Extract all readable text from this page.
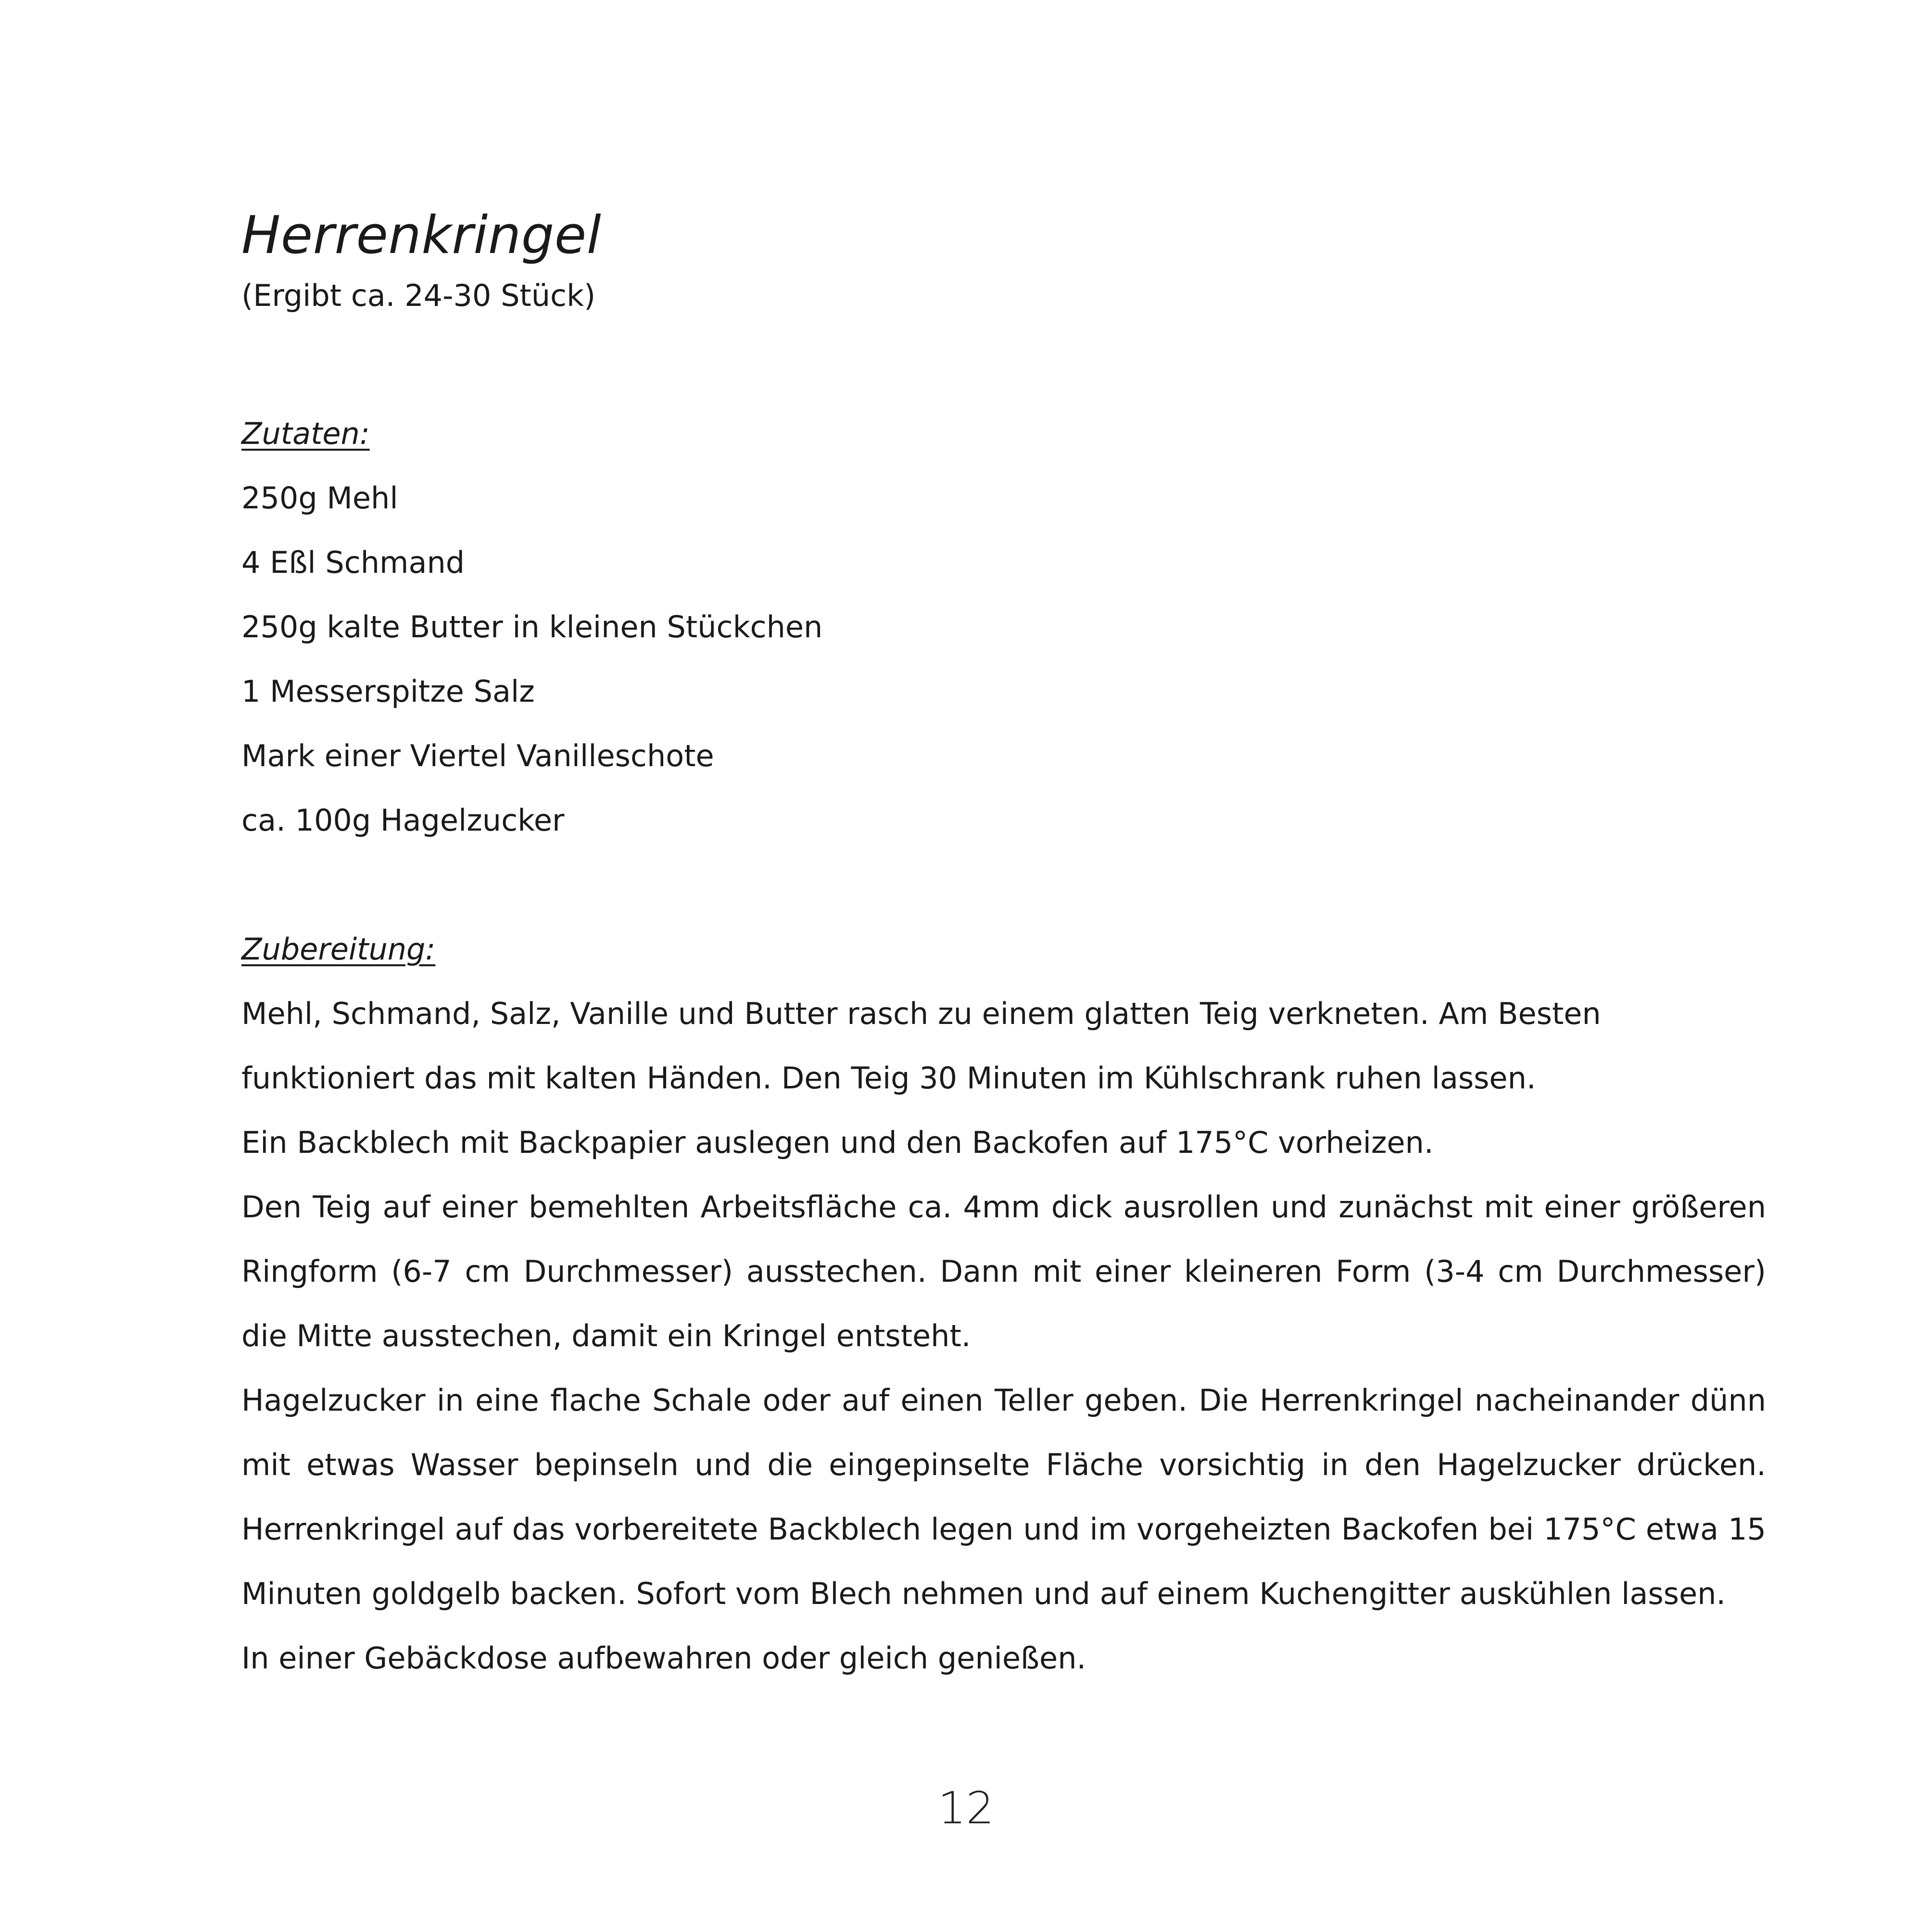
Herrenkringel

(Ergibt ca. 24-30 Stück)

Zutaten:

250g Mehl
4 Eßl Schmand
250g kalte Butter in kleinen Stückchen
1 Messerspitze Salz
Mark einer Viertel Vanilleschote
ca. 100g Hagelzucker

Zubereitung:

Mehl, Schmand, Salz, Vanille und Butter rasch zu einem glatten Teig verkneten. Am Besten funktioniert das mit kalten Händen. Den Teig 30 Minuten im Kühlschrank ruhen lassen.

Ein Backblech mit Backpapier auslegen und den Backofen auf 175°C vorheizen.

Den Teig auf einer bemehlten Arbeitsfläche ca. 4mm dick ausrollen und zunächst mit einer größeren Ringform (6-7 cm Durchmesser) ausstechen. Dann mit einer kleineren Form (3-4 cm Durchmesser) die Mitte ausstechen, damit ein Kringel entsteht.

Hagelzucker in eine flache Schale oder auf einen Teller geben. Die Herrenkringel nacheinander dünn mit etwas Wasser bepinseln und die eingepinselte Fläche vorsichtig in den Hagelzucker drücken. Herrenkringel auf das vorbereitete Backblech legen und im vorgeheizten Backofen bei 175°C etwa 15 Minuten goldgelb backen. Sofort vom Blech nehmen und auf einem Kuchengitter auskühlen lassen.

In einer Gebäckdose aufbewahren oder gleich genießen.

12
